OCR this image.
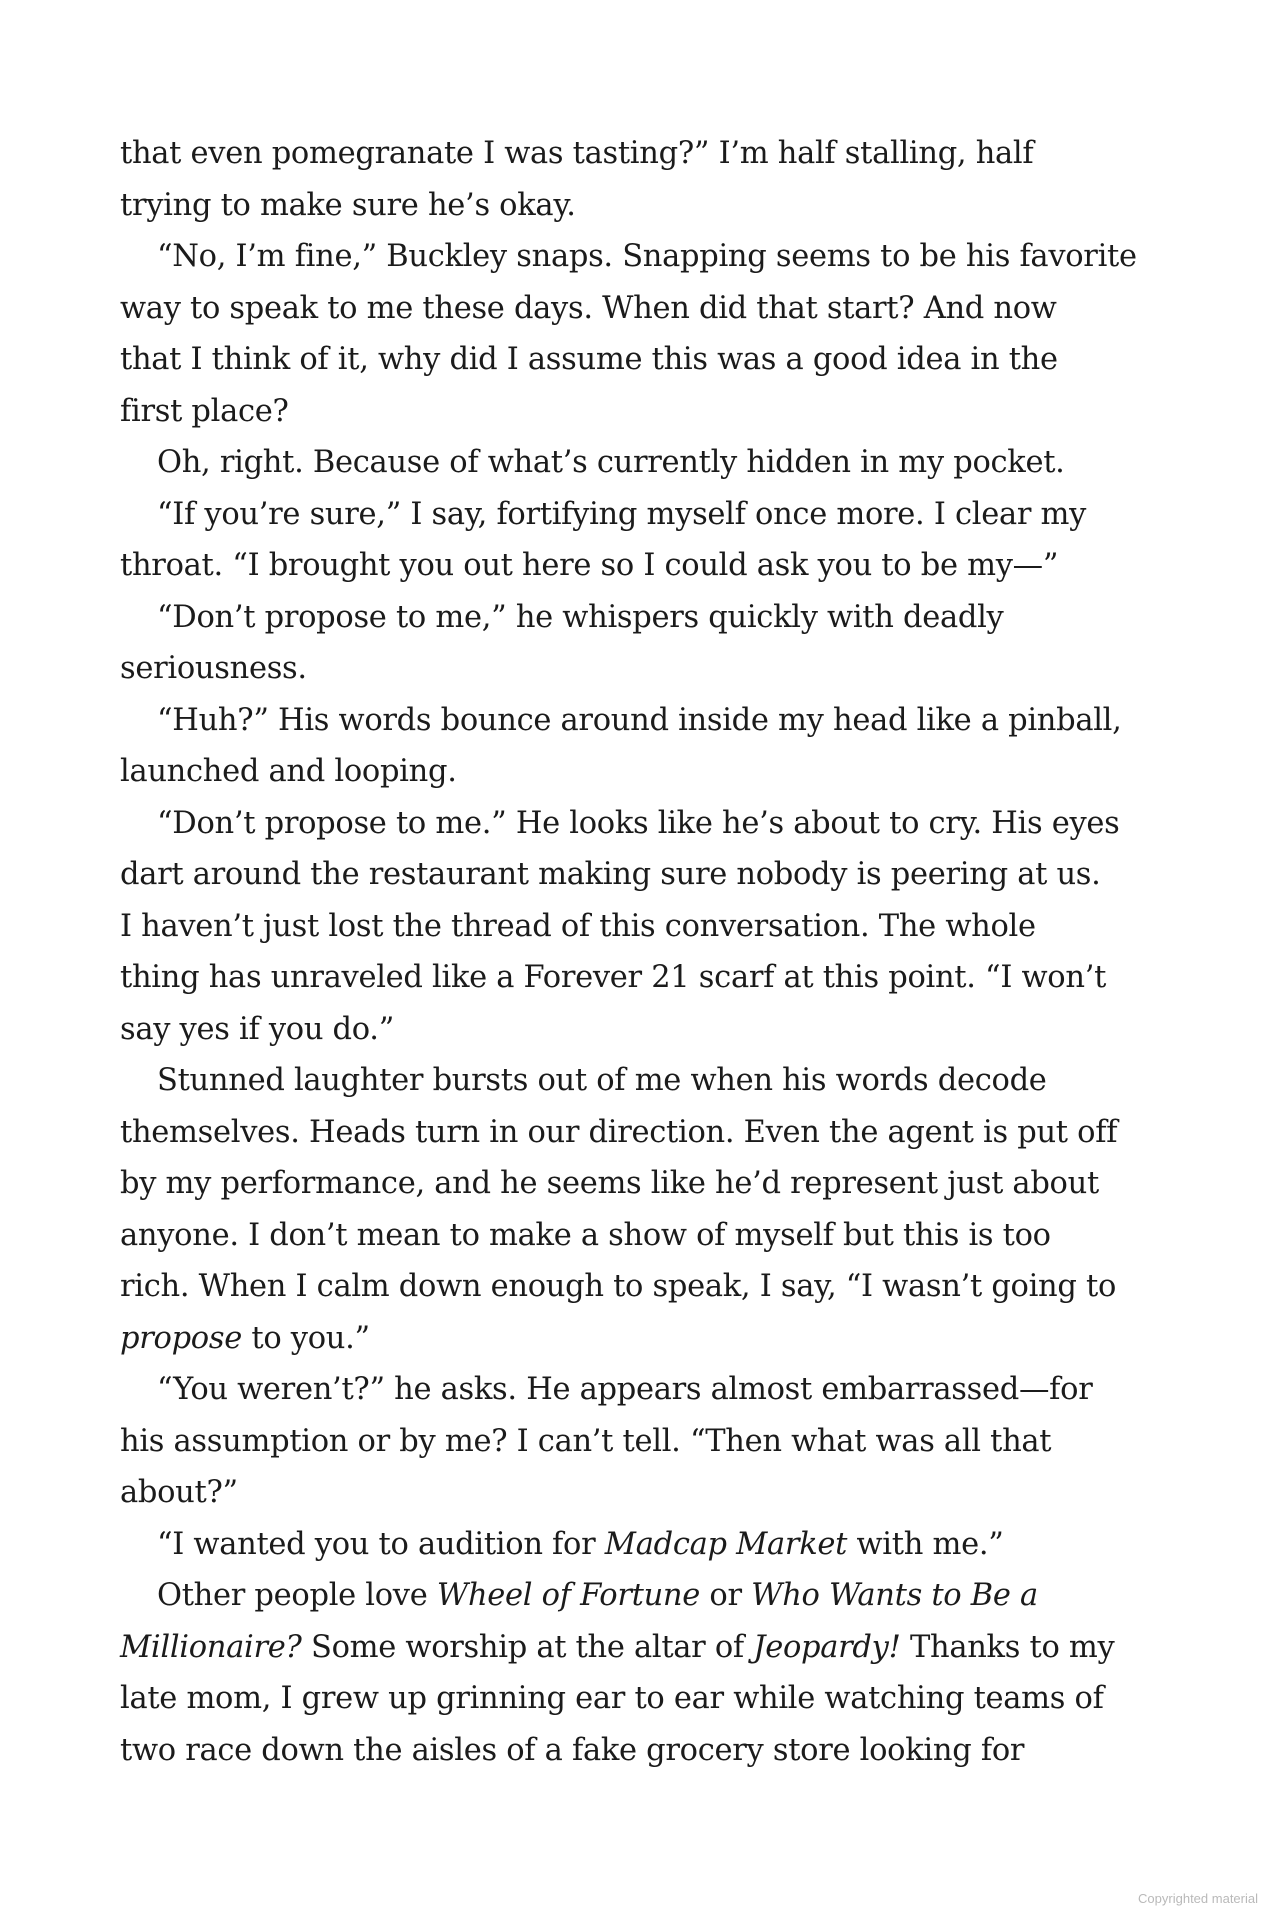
that even pomegranate I was tasting?” I’m half stalling, half
trying to make sure he’s okay.

“No, I’m fine,” Buckley snaps. Snapping seems to be his favorite
way to speak to me these days. When did that start? And now
that I think of it, why did I assume this was a good idea in the
first place?

Oh, right. Because of what’s currently hidden in my pocket.

“If you’re sure,” I say, fortifying myself once more. I clear my
throat. “I brought you out here so I could ask you to be my—”

“Don’t propose to me,” he whispers quickly with deadly
seriousness.

“Huh?” His words bounce around inside my head like a pinball,
launched and looping.

“Don’t propose to me.” He looks like he’s about to cry. His eyes
dart around the restaurant making sure nobody is peering at us.
I haven’t just lost the thread of this conversation. The whole
thing has unraveled like a Forever 21 scarf at this point. “I won’t
say yes if you do.”

Stunned laughter bursts out of me when his words decode
themselves. Heads turn in our direction. Even the agent is put off
by my performance, and he seems like he’d represent just about
anyone. I don’t mean to make a show of myself but this is too
rich. When I calm down enough to speak, I say, “I wasn’t going to
propose to you.”

“You weren’t?” he asks. He appears almost embarrassed—for
his assumption or by me? I can’t tell. “Then what was all that
about?”

“I wanted you to audition for Madcap Market with me.”

Other people love Wheel of Fortune or Who Wants to Be a
Millionaire? Some worship at the altar of Jeopardy! Thanks to my
late mom, I grew up grinning ear to ear while watching teams of
two race down the aisles of a fake grocery store looking for

Copyrighted material
